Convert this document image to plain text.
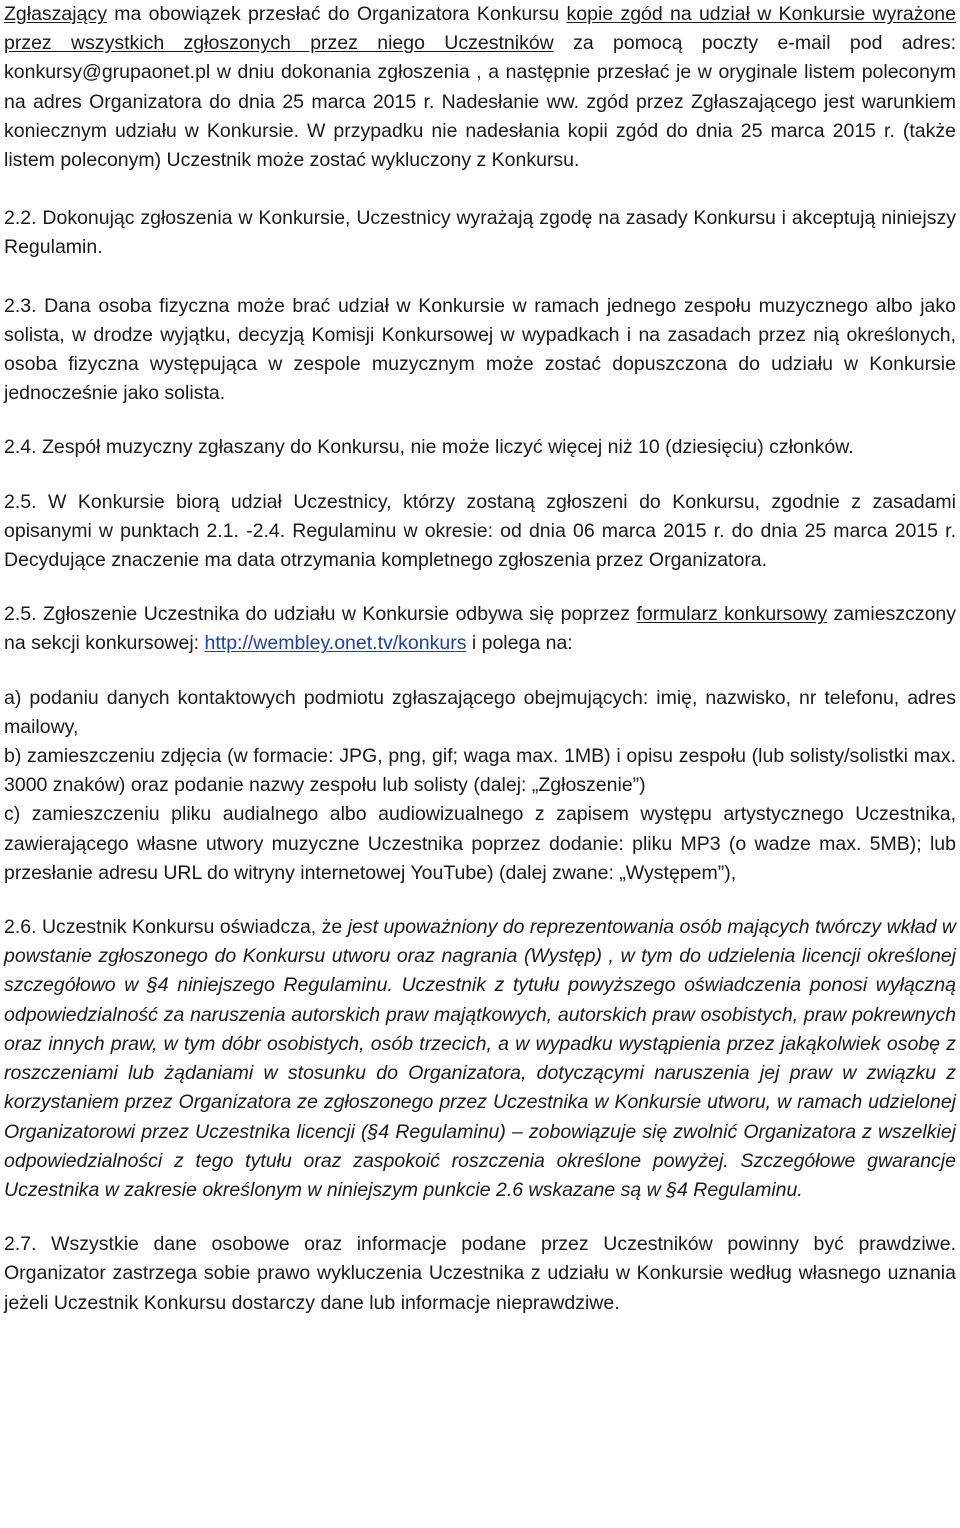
Zgłaszający ma obowiązek przesłać do Organizatora Konkursu kopie zgód na udział w Konkursie wyrażone przez wszystkich zgłoszonych przez niego Uczestników za pomocą poczty e-mail pod adres: konkursy@grupaonet.pl w dniu dokonania zgłoszenia , a następnie przesłać je w oryginale listem poleconym na adres Organizatora do dnia 25 marca 2015 r. Nadesłanie ww. zgód przez Zgłaszającego jest warunkiem koniecznym udziału w Konkursie. W przypadku nie nadesłania kopii zgód do dnia 25 marca 2015 r. (także listem poleconym) Uczestnik może zostać wykluczony z Konkursu.

2.2. Dokonując zgłoszenia w Konkursie, Uczestnicy wyrażają zgodę na zasady Konkursu i akceptują niniejszy Regulamin.

2.3. Dana osoba fizyczna może brać udział w Konkursie w ramach jednego zespołu muzycznego albo jako solista, w drodze wyjątku, decyzją Komisji Konkursowej w wypadkach i na zasadach przez nią określonych, osoba fizyczna występująca w zespole muzycznym może zostać dopuszczona do udziału w Konkursie jednocześnie jako solista.

2.4. Zespół muzyczny zgłaszany do Konkursu, nie może liczyć więcej niż 10 (dziesięciu) członków.

2.5. W Konkursie biorą udział Uczestnicy, którzy zostaną zgłoszeni do Konkursu, zgodnie z zasadami opisanymi w punktach 2.1. -2.4. Regulaminu w okresie: od dnia 06 marca 2015 r. do dnia 25 marca 2015 r. Decydujące znaczenie ma data otrzymania kompletnego zgłoszenia przez Organizatora.

2.5. Zgłoszenie Uczestnika do udziału w Konkursie odbywa się poprzez formularz konkursowy zamieszczony na sekcji konkursowej: http://wembley.onet.tv/konkurs i polega na:

a) podaniu danych kontaktowych podmiotu zgłaszającego obejmujących: imię, nazwisko, nr telefonu, adres mailowy,

b) zamieszczeniu zdjęcia (w formacie: JPG, png, gif; waga max. 1MB) i opisu zespołu (lub solisty/solistki max. 3000 znaków) oraz podanie nazwy zespołu lub solisty (dalej: „Zgłoszenie”)

c) zamieszczeniu pliku audialnego albo audiowizualnego z zapisem występu artystycznego Uczestnika, zawierającego własne utwory muzyczne Uczestnika poprzez dodanie: pliku MP3 (o wadze max. 5MB); lub przesłanie adresu URL do witryny internetowej YouTube) (dalej zwane: „Występem”),

2.6. Uczestnik Konkursu oświadcza, że jest upoważniony do reprezentowania osób mających twórczy wkład w powstanie zgłoszonego do Konkursu utworu oraz nagrania (Występ) , w tym do udzielenia licencji określonej szczegółowo w §4 niniejszego Regulaminu. Uczestnik z tytułu powyższego oświadczenia ponosi wyłączną odpowiedzialność za naruszenia autorskich praw majątkowych, autorskich praw osobistych, praw pokrewnych oraz innych praw, w tym dóbr osobistych, osób trzecich, a w wypadku wystąpienia przez jakąkolwiek osobę z roszczeniami lub żądaniami w stosunku do Organizatora, dotyczącymi naruszenia jej praw w związku z korzystaniem przez Organizatora ze zgłoszonego przez Uczestnika w Konkursie utworu, w ramach udzielonej Organizatorowi przez Uczestnika licencji (§4 Regulaminu) – zobowiązuje się zwolnić Organizatora z wszelkiej odpowiedzialności z tego tytułu oraz zaspokoić roszczenia określone powyżej. Szczegółowe gwarancje Uczestnika w zakresie określonym w niniejszym punkcie 2.6 wskazane są w §4 Regulaminu.

2.7. Wszystkie dane osobowe oraz informacje podane przez Uczestników powinny być prawdziwe. Organizator zastrzega sobie prawo wykluczenia Uczestnika z udziału w Konkursie według własnego uznania jeżeli Uczestnik Konkursu dostarczy dane lub informacje nieprawdziwe.
